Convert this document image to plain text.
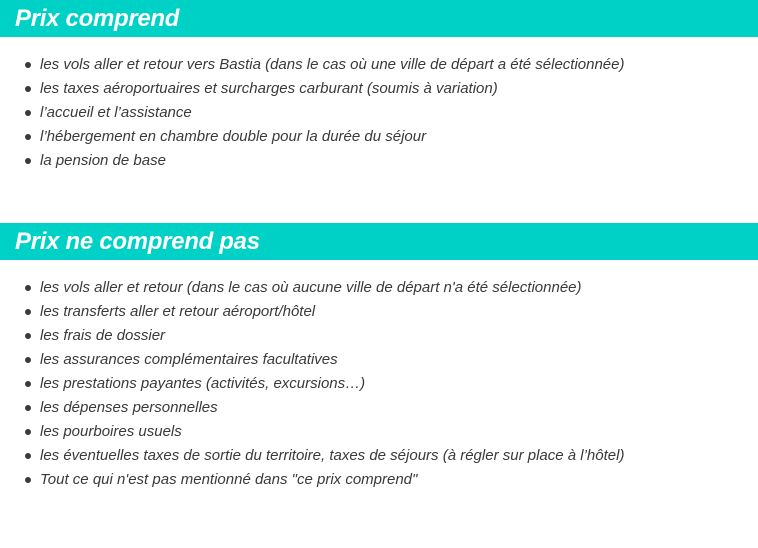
Prix comprend
les vols aller et retour vers Bastia (dans le cas où une ville de départ a été sélectionnée)
les taxes aéroportuaires et surcharges carburant (soumis à variation)
l’accueil et l’assistance
l’hébergement en chambre double pour la durée du séjour
la pension de base
Prix ne comprend pas
les vols aller et retour (dans le cas où aucune ville de départ n'a été sélectionnée)
les transferts aller et retour aéroport/hôtel
les frais de dossier
les assurances complémentaires facultatives
les prestations payantes (activités, excursions…)
les dépenses personnelles
les pourboires usuels
les éventuelles taxes de sortie du territoire, taxes de séjours (à régler sur place à l’hôtel)
Tout ce qui n'est pas mentionné dans "ce prix comprend"
